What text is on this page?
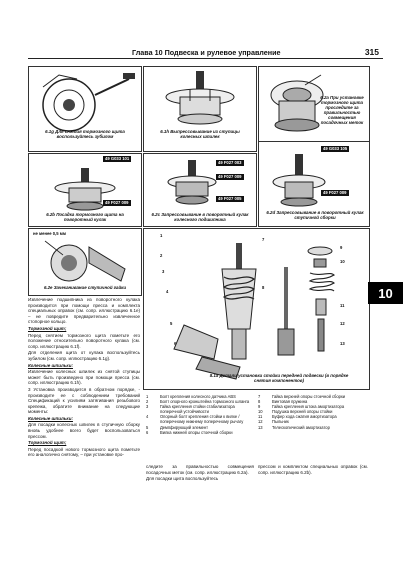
Глава 10 Подвеска и рулевое управление	315
6.1g Для снятия тормозного щита воспользуйтесь зубилом
6.1h Выпрессовывание из ступицы колесных шпилек
6.2a При установке тормозного щита проследите за правильностью совмещения посадочных меток
49 G033 101
49 F027 009
6.2b Посадка тормозного щита на поворотный кулак
49 F027 003
49 F027 009
49 F027 005
6.2c Запрессовывание в поворотный кулак колесного подшипника
49 G033 105
49 F027 009
6.2d Запрессовывание в поворотный кулак ступичной сборки
не менее 0,5 мм
6.2e Зачеканивание ступичной гайки
1
2
3
4
5
6
7
8
9
10
11
12
13
8.1a Детали установки стойки передней подвески (в порядке снятия компонентов)

Извлечение подшипника из поворотного кулака производится при помощи пресса и комплекта специальных оправок (см. сопр. иллюстрацию 6.1e) – не повредите предварительно извлеченное стопорное кольцо.

Тормозной щит;

Перед снятием тормозного щита пометьте его положение относительно поворотного кулака (см. сопр. иллюстрацию 6.1f).

Для отделения щита от кулака воспользуйтесь зубилом (см. сопр. иллюстрацию 6.1g).

Колесные шпильки:

Извлечение колесных шпилек из снятой ступицы может быть произведено при помощи пресса (см. сопр. иллюстрацию 6.1h).

3 Установка производится в обратном порядке, - производите ее с соблюдением требований Спецификаций к усилиям затягивания резьбового крепежа, обратите внимание на следующие моменты:

Колесные шпильки:

Для посадки колесных шпилек в ступичную сборку вновь удобнее всего будет воспользоваться прессом.

Тормозной щит;

Перед посадкой нового тормозного щита пометьте его аналогично снятому, – при установке про-

1	Болт крепления колесного датчика ABS
2	Болт опорного кронштейна тормозного шланга
3	Гайка крепления стойки стабилизатора поперечной устойчивости
4	Опорный болт крепления стойки к вилке / поперечному нижнему поперечному рычагу
5	Демпфирующий элемент
6	Вилка нижней опоры стоечной сборки
7	Гайка верхней опоры стоечной сборки
8	Винтовая пружина
9	Гайка крепления штока амортизатора
10	Подушка верхней опоры стойки
11	Буфер хода сжатия амортизатора
12	Пыльник
13	Телескопический амортизатор

следите за правильностью совмещения посадочных меток (см. сопр. иллюстрацию 6.2a).

Для посадки щита воспользуйтесь

прессом и комплектом специальных оправок (см. сопр. иллюстрацию 6.2b).

10
